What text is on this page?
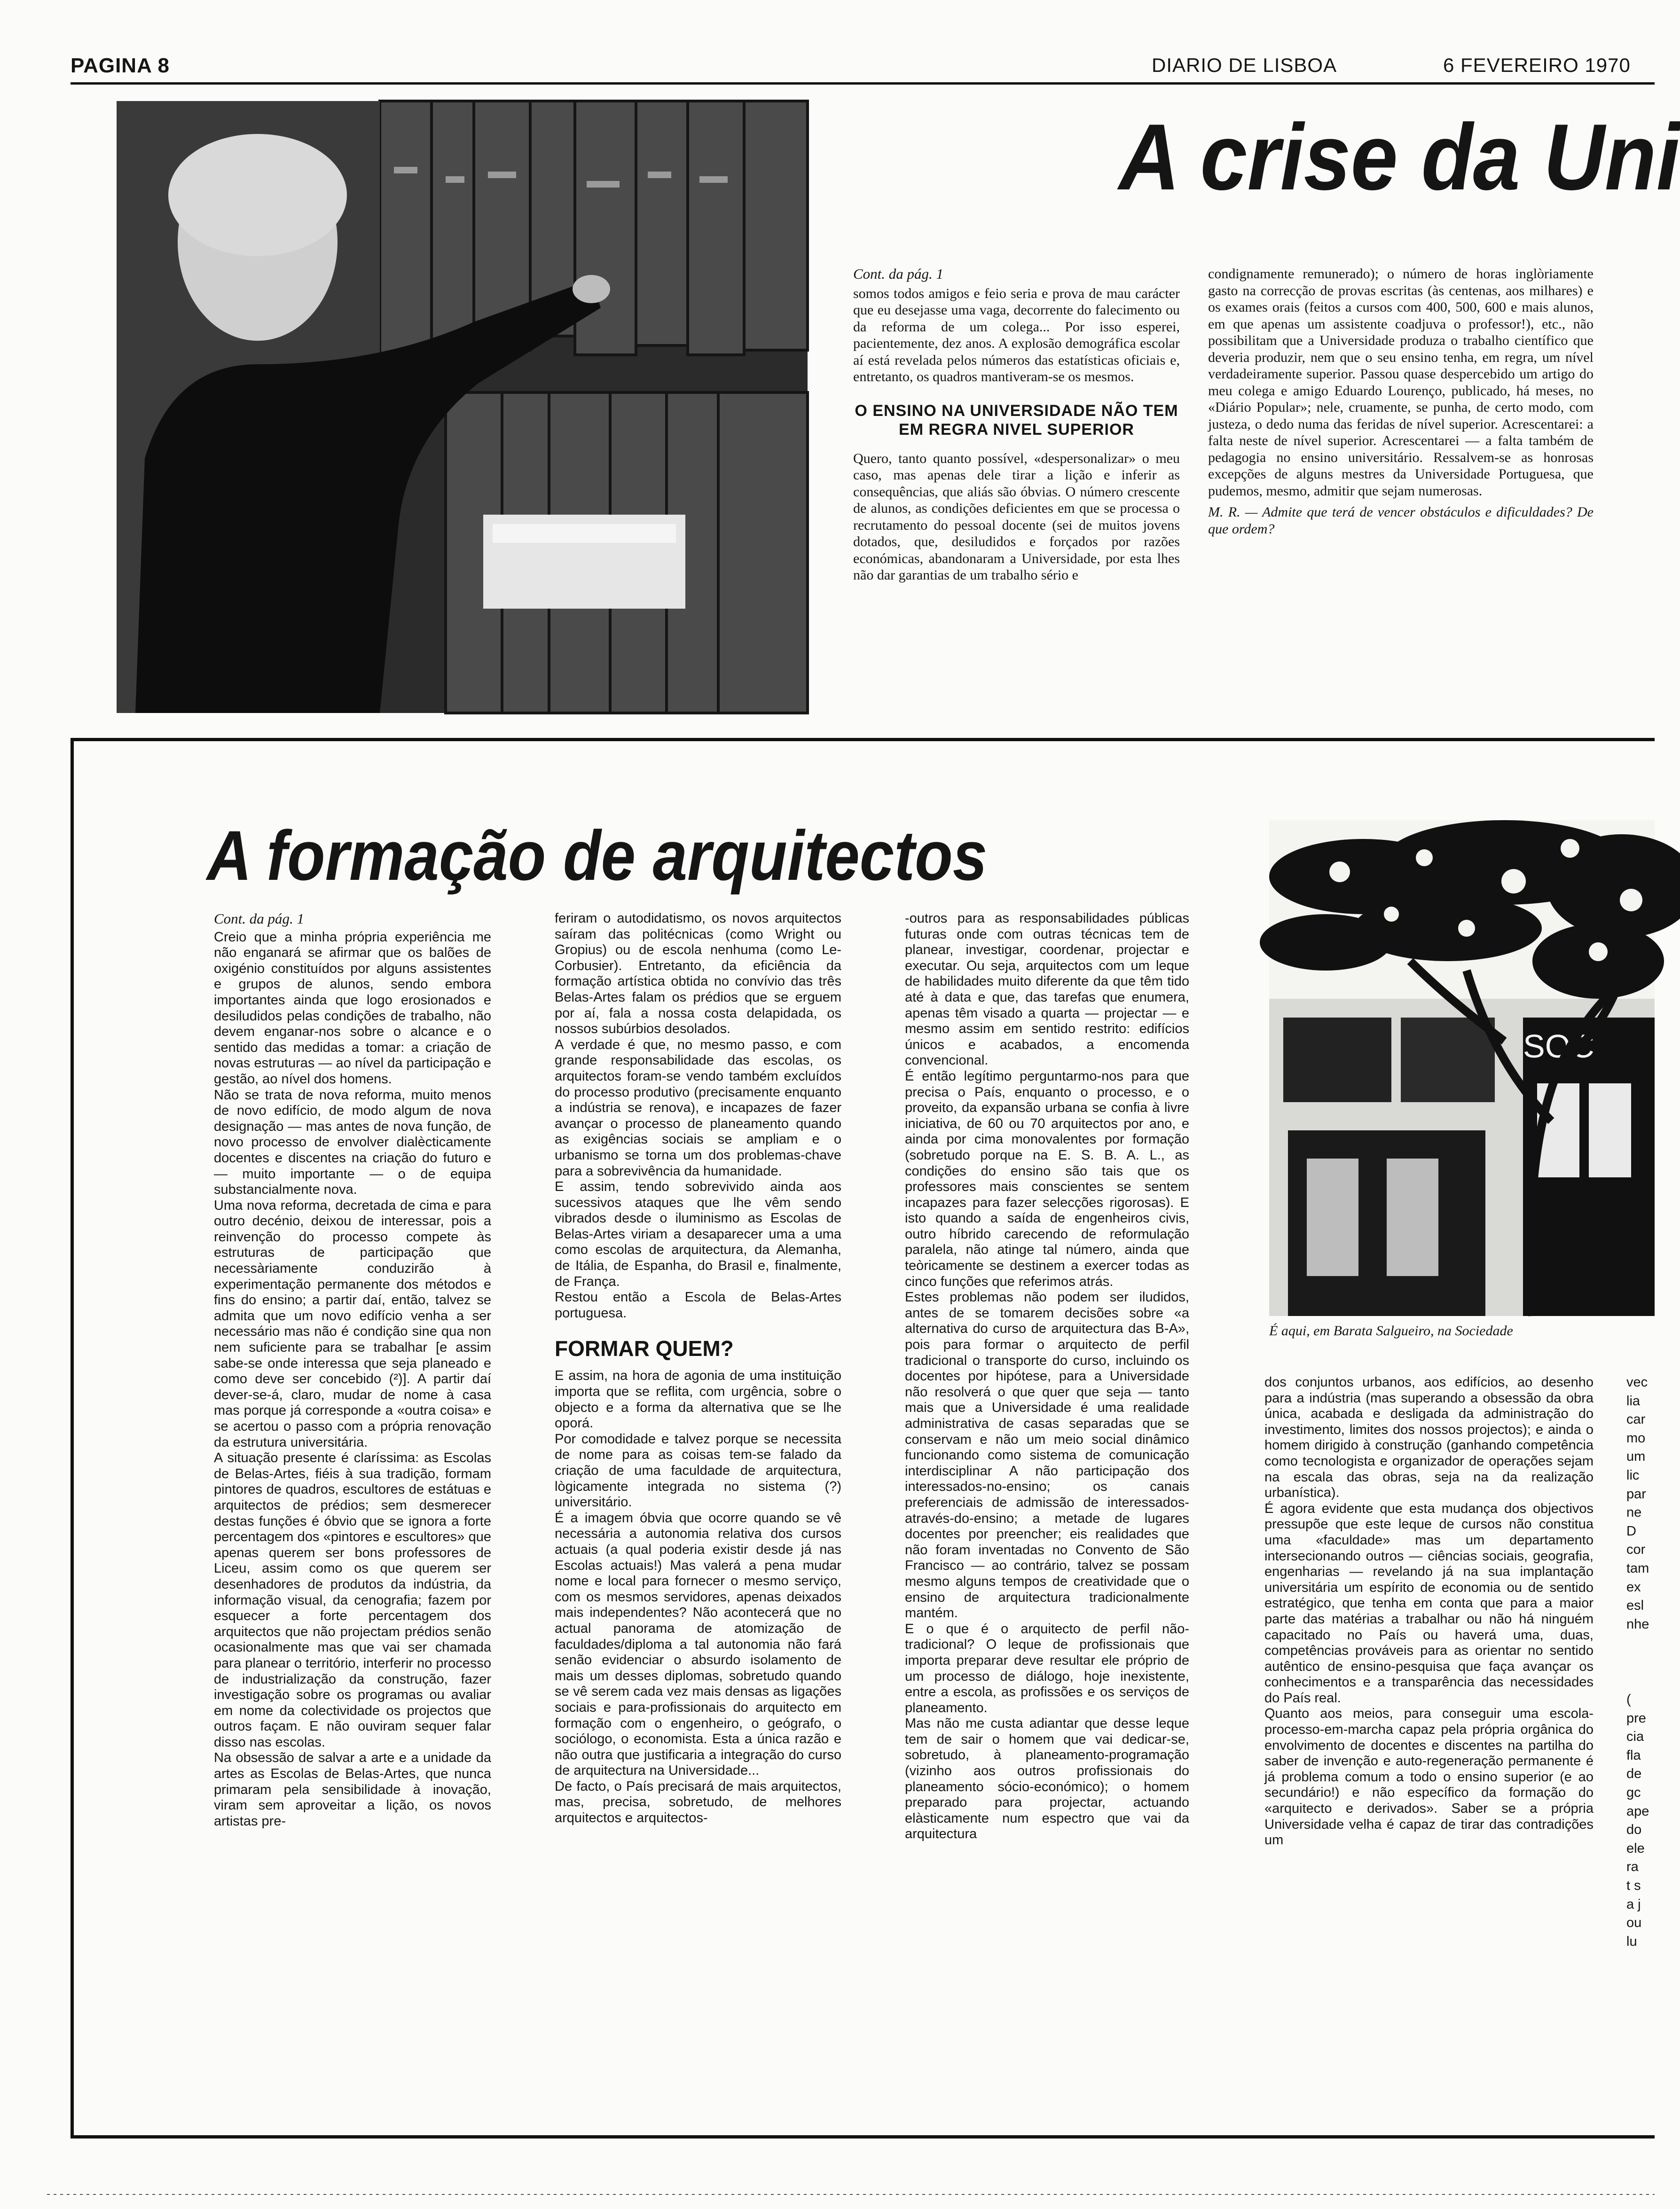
PAGINA 8	DIARIO DE LISBOA	6 FEVEREIRO 1970
A crise da Uni

Cont. da pág. 1

somos todos amigos e feio seria e prova de mau carácter que eu desejasse uma vaga, decorrente do falecimento ou da reforma de um colega... Por isso esperei, pacientemente, dez anos. A explosão demográfica escolar aí está revelada pelos números das estatísticas oficiais e, entretanto, os quadros mantiveram-se os mesmos.

O ENSINO NA UNIVERSIDADE NÃO TEM EM REGRA NIVEL SUPERIOR

Quero, tanto quanto possível, «despersonalizar» o meu caso, mas apenas dele tirar a lição e inferir as consequências, que aliás são óbvias. O número crescente de alunos, as condições deficientes em que se processa o recrutamento do pessoal docente (sei de muitos jovens dotados, que, desiludidos e forçados por razões económicas, abandonaram a Universidade, por esta lhes não dar garantias de um trabalho sério e

condignamente remunerado); o número de horas inglòriamente gasto na correcção de provas escritas (às centenas, aos milhares) e os exames orais (feitos a cursos com 400, 500, 600 e mais alunos, em que apenas um assistente coadjuva o professor!), etc., não possibilitam que a Universidade produza o trabalho científico que deveria produzir, nem que o seu ensino tenha, em regra, um nível verdadeiramente superior. Passou quase despercebido um artigo do meu colega e amigo Eduardo Lourenço, publicado, há meses, no «Diário Popular»; nele, cruamente, se punha, de certo modo, com justeza, o dedo numa das feridas de nível superior. Acrescentarei: a falta neste de nível superior. Acrescentarei — a falta também de pedagogia no ensino universitário. Ressalvem-se as honrosas excepções de alguns mestres da Universidade Portuguesa, que pudemos, mesmo, admitir que sejam numerosas.

M. R. — Admite que terá de vencer obstáculos e dificuldades? De que ordem?

A formação de arquitectos

Cont. da pág. 1

Creio que a minha própria experiência me não enganará se afirmar que os balões de oxigénio constituídos por alguns assistentes e grupos de alunos, sendo embora importantes ainda que logo erosionados e desiludidos pelas condições de trabalho, não devem enganar-nos sobre o alcance e o sentido das medidas a tomar: a criação de novas estruturas — ao nível da participação e gestão, ao nível dos homens.

Não se trata de nova reforma, muito menos de novo edifício, de modo algum de nova designação — mas antes de nova função, de novo processo de envolver dialècticamente docentes e discentes na criação do futuro e — muito importante — o de equipa substancialmente nova.

Uma nova reforma, decretada de cima e para outro decénio, deixou de interessar, pois a reinvenção do processo compete às estruturas de participação que necessàriamente conduzirão à experimentação permanente dos métodos e fins do ensino; a partir daí, então, talvez se admita que um novo edifício venha a ser necessário mas não é condição sine qua non nem suficiente para se trabalhar [e assim sabe-se onde interessa que seja planeado e como deve ser concebido (²)]. A partir daí dever-se-á, claro, mudar de nome à casa mas porque já corresponde a «outra coisa» e se acertou o passo com a própria renovação da estrutura universitária.

A situação presente é claríssima: as Escolas de Belas-Artes, fiéis à sua tradição, formam pintores de quadros, escultores de estátuas e arquitectos de prédios; sem desmerecer destas funções é óbvio que se ignora a forte percentagem dos «pintores e escultores» que apenas querem ser bons professores de Liceu, assim como os que querem ser desenhadores de produtos da indústria, da informação visual, da cenografia; fazem por esquecer a forte percentagem dos arquitectos que não projectam prédios senão ocasionalmente mas que vai ser chamada para planear o território, interferir no processo de industrialização da construção, fazer investigação sobre os programas ou avaliar em nome da colectividade os projectos que outros façam. E não ouviram sequer falar disso nas escolas.

Na obsessão de salvar a arte e a unidade da artes as Escolas de Belas-Artes, que nunca primaram pela sensibilidade à inovação, viram sem aproveitar a lição, os novos artistas pre-

feriram o autodidatismo, os novos arquitectos saíram das politécnicas (como Wright ou Gropius) ou de escola nenhuma (como Le-Corbusier). Entretanto, da eficiência da formação artística obtida no convívio das três Belas-Artes falam os prédios que se erguem por aí, fala a nossa costa delapidada, os nossos subúrbios desolados.

A verdade é que, no mesmo passo, e com grande responsabilidade das escolas, os arquitectos foram-se vendo também excluídos do processo produtivo (precisamente enquanto a indústria se renova), e incapazes de fazer avançar o processo de planeamento quando as exigências sociais se ampliam e o urbanismo se torna um dos problemas-chave para a sobrevivência da humanidade.

E assim, tendo sobrevivido ainda aos sucessivos ataques que lhe vêm sendo vibrados desde o iluminismo as Escolas de Belas-Artes viriam a desaparecer uma a uma como escolas de arquitectura, da Alemanha, de Itália, de Espanha, do Brasil e, finalmente, de França.

Restou então a Escola de Belas-Artes portuguesa.

FORMAR QUEM?

E assim, na hora de agonia de uma instituição importa que se reflita, com urgência, sobre o objecto e a forma da alternativa que se lhe oporá.

Por comodidade e talvez porque se necessita de nome para as coisas tem-se falado da criação de uma faculdade de arquitectura, lògicamente integrada no sistema (?) universitário.

É a imagem óbvia que ocorre quando se vê necessária a autonomia relativa dos cursos actuais (a qual poderia existir desde já nas Escolas actuais!) Mas valerá a pena mudar nome e local para fornecer o mesmo serviço, com os mesmos servidores, apenas deixados mais independentes? Não acontecerá que no actual panorama de atomização de faculdades/diploma a tal autonomia não fará senão evidenciar o absurdo isolamento de mais um desses diplomas, sobretudo quando se vê serem cada vez mais densas as ligações sociais e para-profissionais do arquitecto em formação com o engenheiro, o geógrafo, o sociólogo, o economista. Esta a única razão e não outra que justificaria a integração do curso de arquitectura na Universidade...

De facto, o País precisará de mais arquitectos, mas, precisa, sobretudo, de melhores arquitectos e arquitectos-

-outros para as responsabilidades públicas futuras onde com outras técnicas tem de planear, investigar, coordenar, projectar e executar. Ou seja, arquitectos com um leque de habilidades muito diferente da que têm tido até à data e que, das tarefas que enumera, apenas têm visado a quarta — projectar — e mesmo assim em sentido restrito: edifícios únicos e acabados, a encomenda convencional.

É então legítimo perguntarmo-nos para que precisa o País, enquanto o processo, e o proveito, da expansão urbana se confia à livre iniciativa, de 60 ou 70 arquitectos por ano, e ainda por cima monovalentes por formação (sobretudo porque na E. S. B. A. L., as condições do ensino são tais que os professores mais conscientes se sentem incapazes para fazer selecções rigorosas). E isto quando a saída de engenheiros civis, outro híbrido carecendo de reformulação paralela, não atinge tal número, ainda que teòricamente se destinem a exercer todas as cinco funções que referimos atrás.

Estes problemas não podem ser iludidos, antes de se tomarem decisões sobre «a alternativa do curso de arquitectura das B-A», pois para formar o arquitecto de perfil tradicional o transporte do curso, incluindo os docentes por hipótese, para a Universidade não resolverá o que quer que seja — tanto mais que a Universidade é uma realidade administrativa de casas separadas que se conservam e não um meio social dinâmico funcionando como sistema de comunicação interdisciplinar A não participação dos interessados-no-ensino; os canais preferenciais de admissão de interessados-através-do-ensino; a metade de lugares docentes por preencher; eis realidades que não foram inventadas no Convento de São Francisco — ao contrário, talvez se possam mesmo alguns tempos de creatividade que o ensino de arquitectura tradicionalmente mantém.

E o que é o arquitecto de perfil não-tradicional? O leque de profissionais que importa preparar deve resultar ele próprio de um processo de diálogo, hoje inexistente, entre a escola, as profissões e os serviços de planeamento.

Mas não me custa adiantar que desse leque tem de sair o homem que vai dedicar-se, sobretudo, à planeamento-programação (vizinho aos outros profissionais do planeamento sócio-económico); o homem preparado para projectar, actuando elàsticamente num espectro que vai da arquitectura

SOC
É aqui, em Barata Salgueiro, na Sociedade

dos conjuntos urbanos, aos edifícios, ao desenho para a indústria (mas superando a obsessão da obra única, acabada e desligada da administração do investimento, limites dos nossos projectos); e ainda o homem dirigido à construção (ganhando competência como tecnologista e organizador de operações sejam na escala das obras, seja na da realização urbanística).

É agora evidente que esta mudança dos objectivos pressupõe que este leque de cursos não constitua uma «faculdade» mas um departamento intersecionando outros — ciências sociais, geografia, engenharias — revelando já na sua implantação universitária um espírito de economia ou de sentido estratégico, que tenha em conta que para a maior parte das matérias a trabalhar ou não há ninguém capacitado no País ou haverá uma, duas, competências prováveis para as orientar no sentido autêntico de ensino-pesquisa que faça avançar os conhecimentos e a transparência das necessidades do País real.

Quanto aos meios, para conseguir uma escola-processo-em-marcha capaz pela própria orgânica do envolvimento de docentes e discentes na partilha do saber de invenção e auto-regeneração permanente é já problema comum a todo o ensino superior (e ao secundário!) e não específico da formação do «arquitecto e derivados». Saber se a própria Universidade velha é capaz de tirar das contradições um

vec
lia
car
mo
um
lic
par
ne
D
cor
tam
ex
esl
nhe
(
pre
cia
fla
de
gc
ape
do
ele
ra
t s
a j
ou
lu
